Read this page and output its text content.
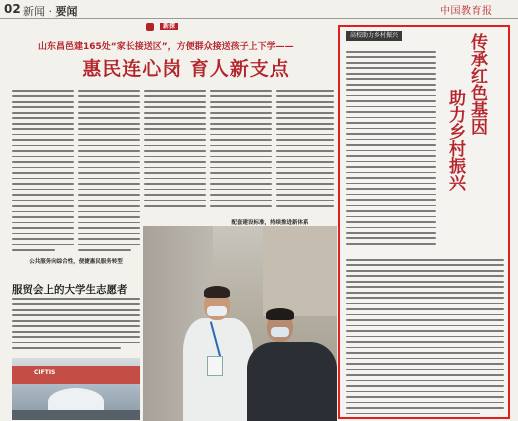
02 新闻 · 要闻	中国教育报
新探
山东昌邑建165处“家长接送区”，方便群众接送孩子上下学——
惠民连心岗 育人新支点
公共服务向综合性，便捷惠民服务转型
配套建设标准，持续推进新体系
服贸会上的大学生志愿者
CIFTIS
高校助力乡村振兴	传承红色基因
助力乡村振兴
